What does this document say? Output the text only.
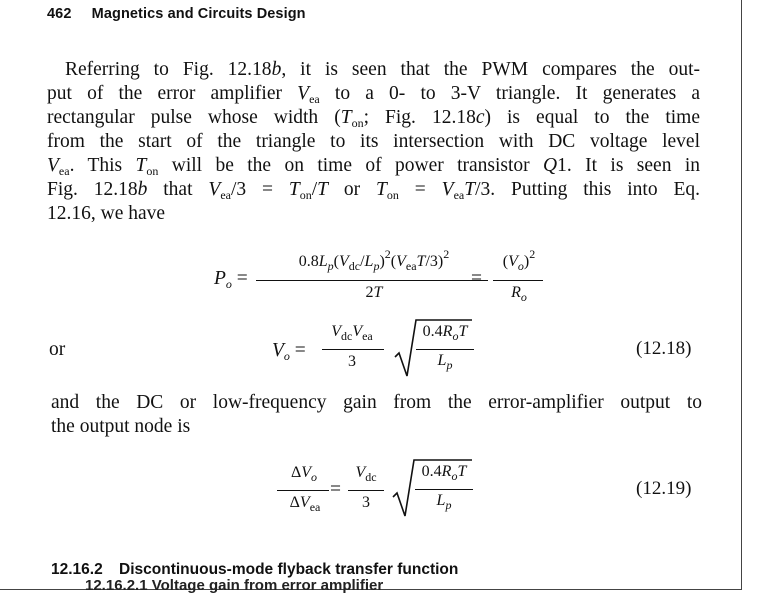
462 Magnetics and Circuits Design
Referring to Fig. 12.18b, it is seen that the PWM compares the out-
put of the error amplifier $V_{ea}$ to a 0- to 3-V triangle. It generates a
rectangular pulse whose width ($T_{on}$; Fig. 12.18c) is equal to the time
from the start of the triangle to its intersection with DC voltage level
$V_{ea}$. This $T_{on}$ will be the on time of power transistor Q1. It is seen in
Fig. 12.18b that $V_{ea}/3 = T_{on}/T$ or $T_{on} = V_{ea}T/3$. Putting this into Eq.
12.16, we have
$P_o$ =
$0.8L_p(V_{dc}/L_p)^2(V_{ea}T/3)^2$
2T
=
$(V_o)^2$
$R_o$
or	$V_o$ =
$V_{dc}V_{ea}$
3
$0.4R_oT$
$L_p$
(12.18)
and the DC or low-frequency gain from the error-amplifier output to
the output node is
$\Delta V_o$
$\Delta V_{ea}$
=
$V_{dc}$
3
$0.4R_oT$
$L_p$
(12.19)
12.16.2 Discontinuous-mode flyback transfer function
12.16.2.1 Voltage gain from error amplifier
